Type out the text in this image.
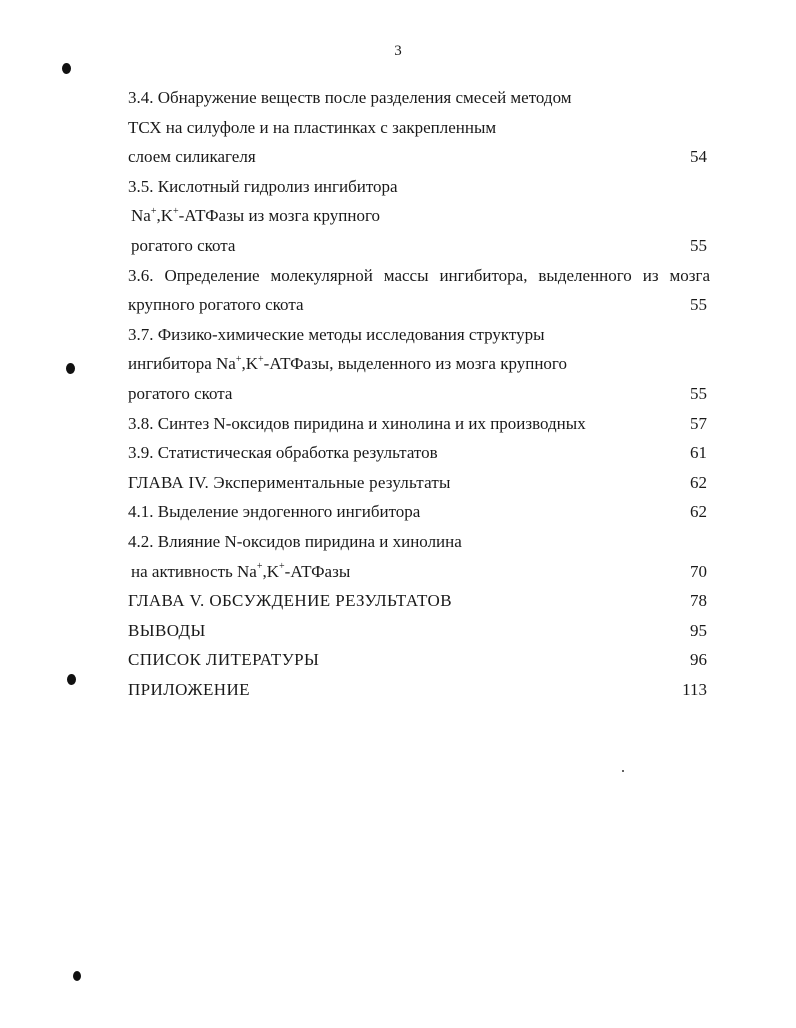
3
3.4. Обнаружение веществ после разделения смесей методом
ТСХ на силуфоле и на пластинках с закрепленным
слоем силикагеля	54
3.5. Кислотный гидролиз ингибитора
Na+,K+-АТФазы из мозга крупного
рогатого скота	55
3.6. Определение молекулярной массы ингибитора, выделенного из мозга
крупного рогатого скота	55
3.7. Физико-химические методы исследования структуры
ингибитора Na+,K+-АТФазы, выделенного из мозга крупного
рогатого скота	55
3.8. Синтез N-оксидов пиридина и хинолина и их производных	57
3.9. Статистическая обработка результатов	61
ГЛАВА IV. Экспериментальные результаты	62
4.1. Выделение эндогенного ингибитора	62
4.2. Влияние N-оксидов пиридина и хинолина
на активность Na+,K+-АТФазы	70
ГЛАВА V. ОБСУЖДЕНИЕ РЕЗУЛЬТАТОВ	78
ВЫВОДЫ	95
СПИСОК ЛИТЕРАТУРЫ	96
ПРИЛОЖЕНИЕ	113
